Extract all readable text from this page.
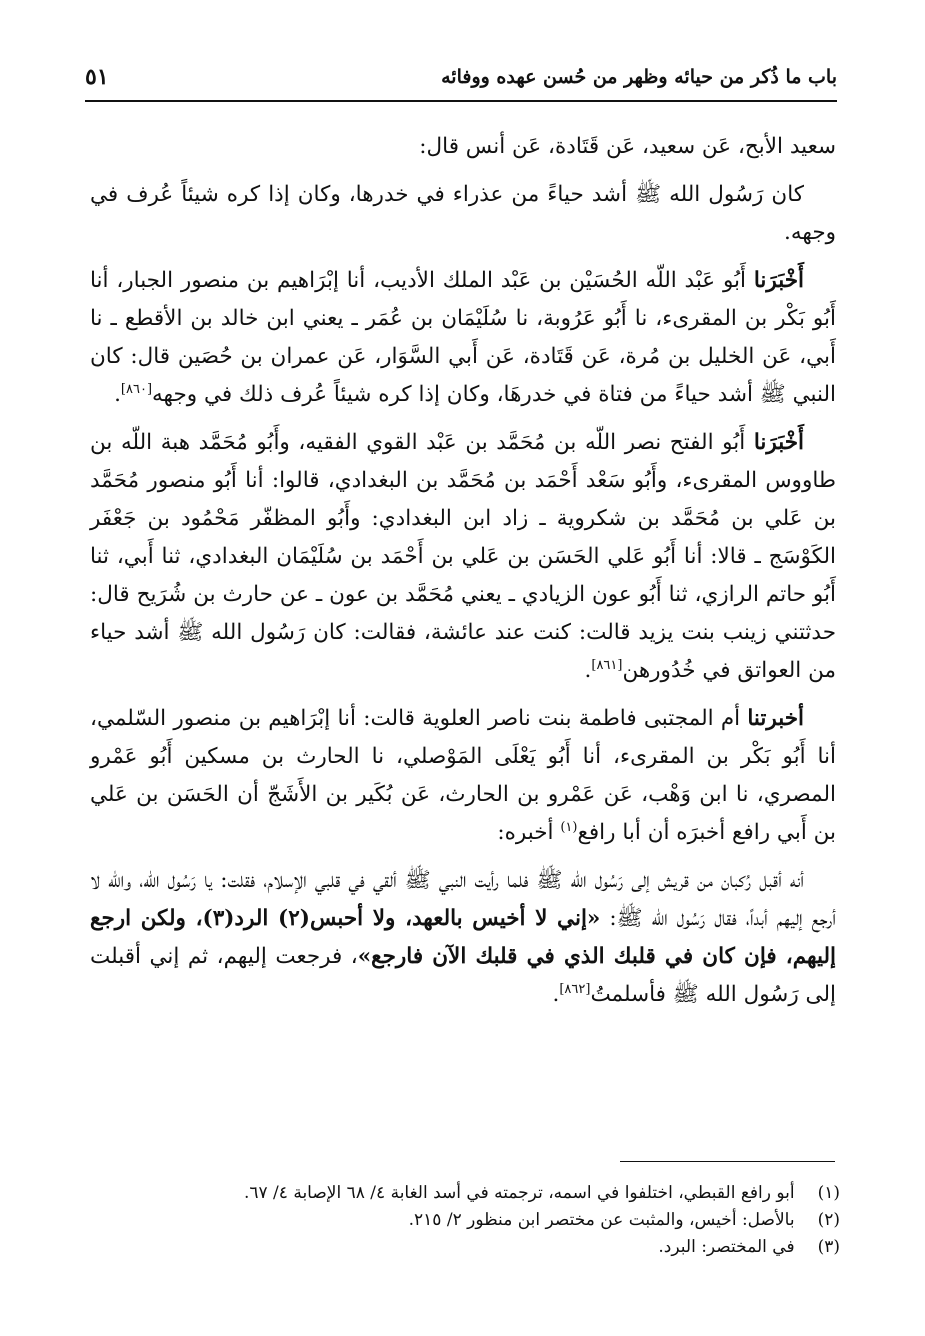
باب ما ذُكر من حيائه وظهر من حُسن عهده ووفائه
٥١

سعيد الأبح، عَن سعيد، عَن قَتَادة، عَن أنس قال:

كان رَسُول الله ﷺ أشد حياءً من عذراء في خدرها، وكان إذا كره شيئاً عُرف في وجهه.

أَخْبَرَنا أَبُو عَبْد اللّه الحُسَيْن بن عَبْد الملك الأديب، أنا إبْرَاهيم بن منصور الجبار، أنا أَبُو بَكْر بن المقرىء، نا أَبُو عَرُوبة، نا سُلَيْمَان بن عُمَر ـ يعني ابن خالد بن الأقطع ـ نا أَبي، عَن الخليل بن مُرة، عَن قَتَادة، عَن أَبي السَّوَار، عَن عمران بن حُصَين قال: كان النبي ﷺ أشد حياءً من فتاة في خدرهَا، وكان إذا كره شيئاً عُرف ذلك في وجهه[٨٦٠].

أَخْبَرَنا أَبُو الفتح نصر اللّه بن مُحَمَّد بن عَبْد القوي الفقيه، وأَبُو مُحَمَّد هبة اللّه بن طاووس المقرىء، وأَبُو سَعْد أَحْمَد بن مُحَمَّد بن البغدادي، قالوا: أنا أَبُو منصور مُحَمَّد بن عَلي بن مُحَمَّد بن شكروية ـ زاد ابن البغدادي: وأَبُو المظفّر مَحْمُود بن جَعْفَر الكَوْسَج ـ قالا: أنا أَبُو عَلي الحَسَن بن عَلي بن أَحْمَد بن سُلَيْمَان البغدادي، ثنا أَبي، ثنا أَبُو حاتم الرازي، ثنا أَبُو عون الزيادي ـ يعني مُحَمَّد بن عون ـ عن حارث بن شُرَيح قال: حدثتني زينب بنت يزيد قالت: كنت عند عائشة، فقالت: كان رَسُول الله ﷺ أشد حياء من العواتق في خُدُورهن[٨٦١].

أخبرتنا أم المجتبى فاطمة بنت ناصر العلوية قالت: أنا إبْرَاهيم بن منصور السّلمي، أنا أَبُو بَكْر بن المقرىء، أنا أَبُو يَعْلَى المَوْصلي، نا الحارث بن مسكين أَبُو عَمْرو المصري، نا ابن وَهْب، عَن عَمْرو بن الحارث، عَن بُكَير بن الأَشَجّ أن الحَسَن بن عَلي بن أَبي رافع أخبرَه أن أبا رافع$^{(١)}$ أخبره:

أنه أقبل رُكبان من قريش إلى رَسُول الله ﷺ فلما رأيت النبي ﷺ ألقي في قلبي الإسلام، فقلت: يا رَسُول الله، والله لا أرجع إليهم أبداً، فقال رَسُول الله ﷺ: «إني لا أخيس بالعهد، ولا أحبس(٢) الرد(٣)، ولكن ارجع إليهم، فإن كان في قلبك الذي في قلبك الآن فارجع»، فرجعت إليهم، ثم إني أقبلت إلى رَسُول الله ﷺ فأسلمتُ[٨٦٢].

(١) أبو رافع القبطي، اختلفوا في اسمه، ترجمته في أسد الغابة ٤/ ٦٨ الإصابة ٤/ ٦٧.

(٢) بالأصل: أخيس، والمثبت عن مختصر ابن منظور ٢/ ٢١٥.

(٣) في المختصر: البرد.
